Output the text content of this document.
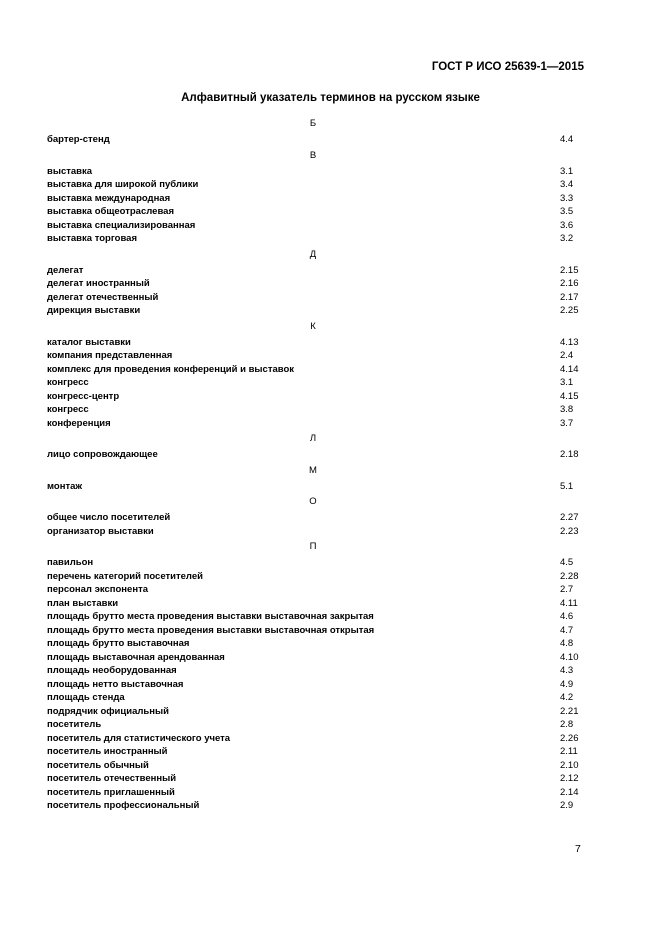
ГОСТ Р ИСО 25639-1—2015
Алфавитный указатель терминов на русском языке
Б
бартер-стенд	4.4
В
выставка	3.1
выставка для широкой публики	3.4
выставка международная	3.3
выставка общеотраслевая	3.5
выставка специализированная	3.6
выставка торговая	3.2
Д
делегат	2.15
делегат иностранный	2.16
делегат отечественный	2.17
дирекция выставки	2.25
К
каталог выставки	4.13
компания представленная	2.4
комплекс для проведения конференций и выставок	4.14
конгресс	3.1
конгресс-центр	4.15
конгресс	3.8
конференция	3.7
Л
лицо сопровождающее	2.18
М
монтаж	5.1
О
общее число посетителей	2.27
организатор выставки	2.23
П
павильон	4.5
перечень категорий посетителей	2.28
персонал экспонента	2.7
план выставки	4.11
площадь брутто места проведения выставки выставочная закрытая	4.6
площадь брутто места проведения выставки выставочная открытая	4.7
площадь брутто выставочная	4.8
площадь выставочная арендованная	4.10
площадь необорудованная	4.3
площадь нетто выставочная	4.9
площадь стенда	4.2
подрядчик официальный	2.21
посетитель	2.8
посетитель для статистического учета	2.26
посетитель иностранный	2.11
посетитель обычный	2.10
посетитель отечественный	2.12
посетитель приглашенный	2.14
посетитель профессиональный	2.9
7
